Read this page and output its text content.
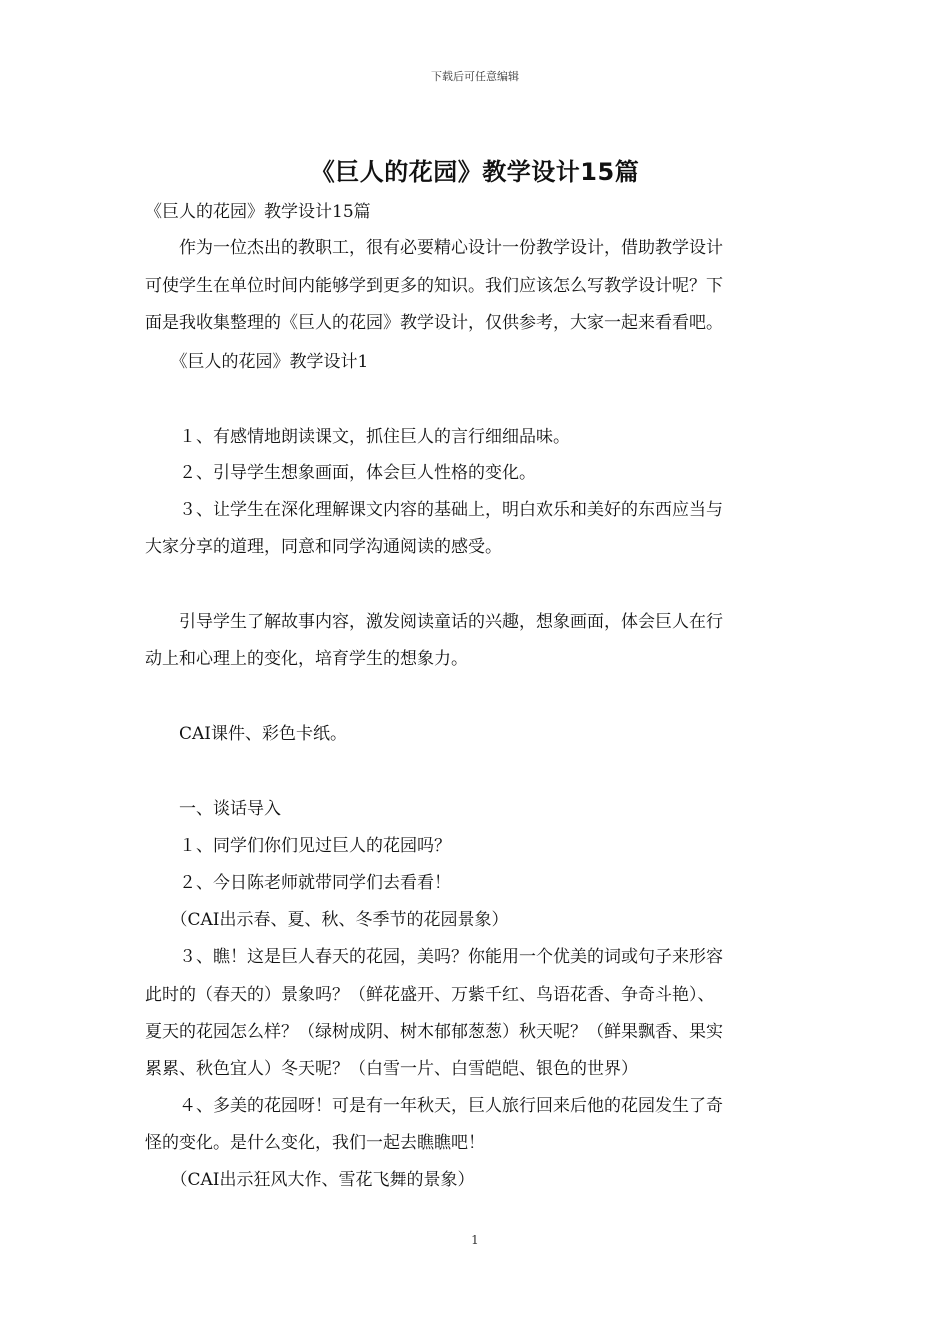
下载后可任意编辑
《巨人的花园》教学设计15篇
《巨人的花园》教学设计15篇
　　作为一位杰出的教职工，很有必要精心设计一份教学设计，借助教学设计
可使学生在单位时间内能够学到更多的知识。我们应该怎么写教学设计呢？下
面是我收集整理的《巨人的花园》教学设计，仅供参考，大家一起来看看吧。
　　《巨人的花园》教学设计1
　　１、有感情地朗读课文，抓住巨人的言行细细品味。
　　２、引导学生想象画面，体会巨人性格的变化。
　　３、让学生在深化理解课文内容的基础上，明白欢乐和美好的东西应当与
大家分享的道理，同意和同学沟通阅读的感受。
　　引导学生了解故事内容，激发阅读童话的兴趣，想象画面，体会巨人在行
动上和心理上的变化，培育学生的想象力。
　　CAI课件、彩色卡纸。
　　一、谈话导入
　　１、同学们你们见过巨人的花园吗？
　　２、今日陈老师就带同学们去看看！
　　（CAI出示春、夏、秋、冬季节的花园景象）
　　３、瞧！这是巨人春天的花园，美吗？你能用一个优美的词或句子来形容
此时的（春天的）景象吗？（鲜花盛开、万紫千红、鸟语花香、争奇斗艳）、
夏天的花园怎么样？（绿树成阴、树木郁郁葱葱）秋天呢？（鲜果飘香、果实
累累、秋色宜人）冬天呢？（白雪一片、白雪皑皑、银色的世界）
　　４、多美的花园呀！可是有一年秋天，巨人旅行回来后他的花园发生了奇
怪的变化。是什么变化，我们一起去瞧瞧吧！
　　（CAI出示狂风大作、雪花飞舞的景象）
1
